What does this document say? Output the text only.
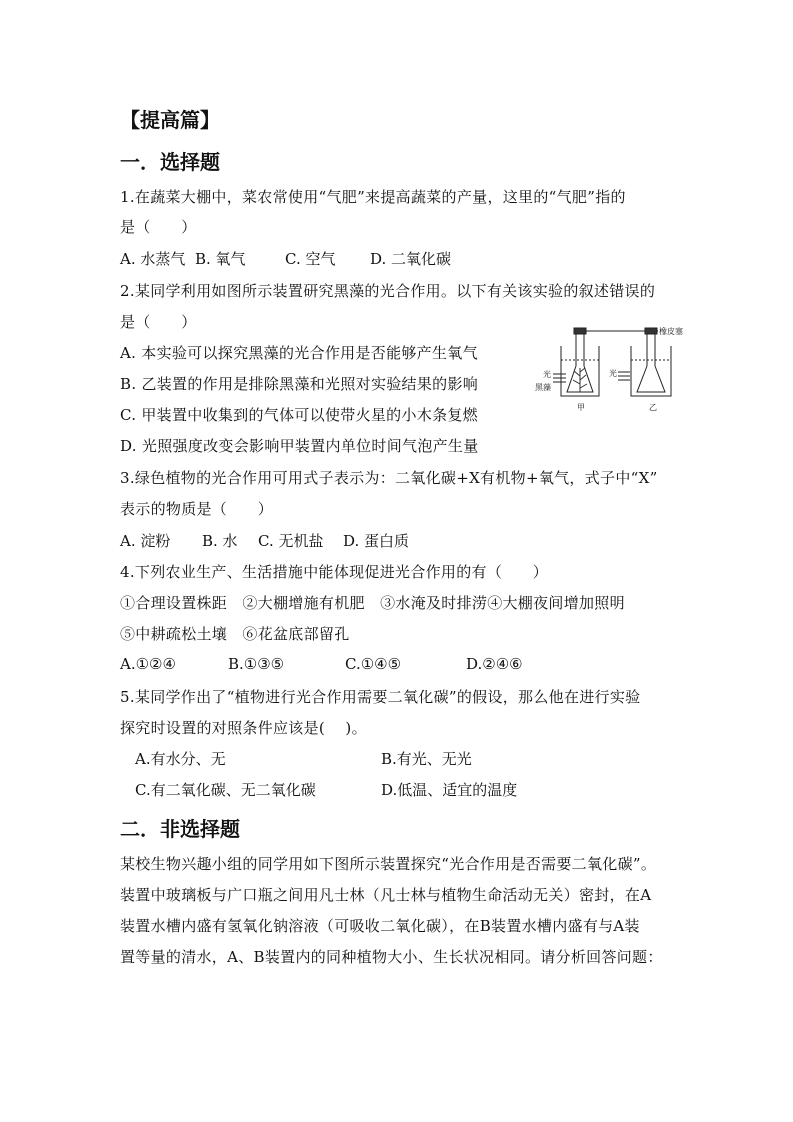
【提高篇】
一．选择题
1.在蔬菜大棚中，菜农常使用“气肥”来提高蔬菜的产量，这里的“气肥”指的
是（　　）
A. 水蒸气 B. 氧气	C. 空气 D. 二氧化碳
2.某同学利用如图所示装置研究黑藻的光合作用。以下有关该实验的叙述错误的
是（　　）
A. 本实验可以探究黑藻的光合作用是否能够产生氧气
B. 乙装置的作用是排除黑藻和光照对实验结果的影响
C. 甲装置中收集到的气体可以使带火星的小木条复燃
D. 光照强度改变会影响甲装置内单位时间气泡产生量
橡皮塞
光
黑藻
甲
光
乙
3.绿色植物的光合作用可用式子表示为：二氧化碳+X有机物+氧气，式子中“X”
表示的物质是（　　）
A. 淀粉 B. 水 C. 无机盐 D. 蛋白质
4.下列农业生产、生活措施中能体现促进光合作用的有（　　）
①合理设置株距　②大棚增施有机肥　③水淹及时排涝④大棚夜间增加照明
⑤中耕疏松土壤　⑥花盆底部留孔
A.①②④	B.①③⑤	C.①④⑤	D.②④⑥
5.某同学作出了“植物进行光合作用需要二氧化碳”的假设，那么他在进行实验
探究时设置的对照条件应该是(　 )。
A.有水分、无	B.有光、无光
C.有二氧化碳、无二氧化碳	D.低温、适宜的温度
二．非选择题
某校生物兴趣小组的同学用如下图所示装置探究“光合作用是否需要二氧化碳”。
装置中玻璃板与广口瓶之间用凡士林（凡士林与植物生命活动无关）密封，在A
装置水槽内盛有氢氧化钠溶液（可吸收二氧化碳），在B装置水槽内盛有与A装
置等量的清水，A、B装置内的同种植物大小、生长状况相同。请分析回答问题：
